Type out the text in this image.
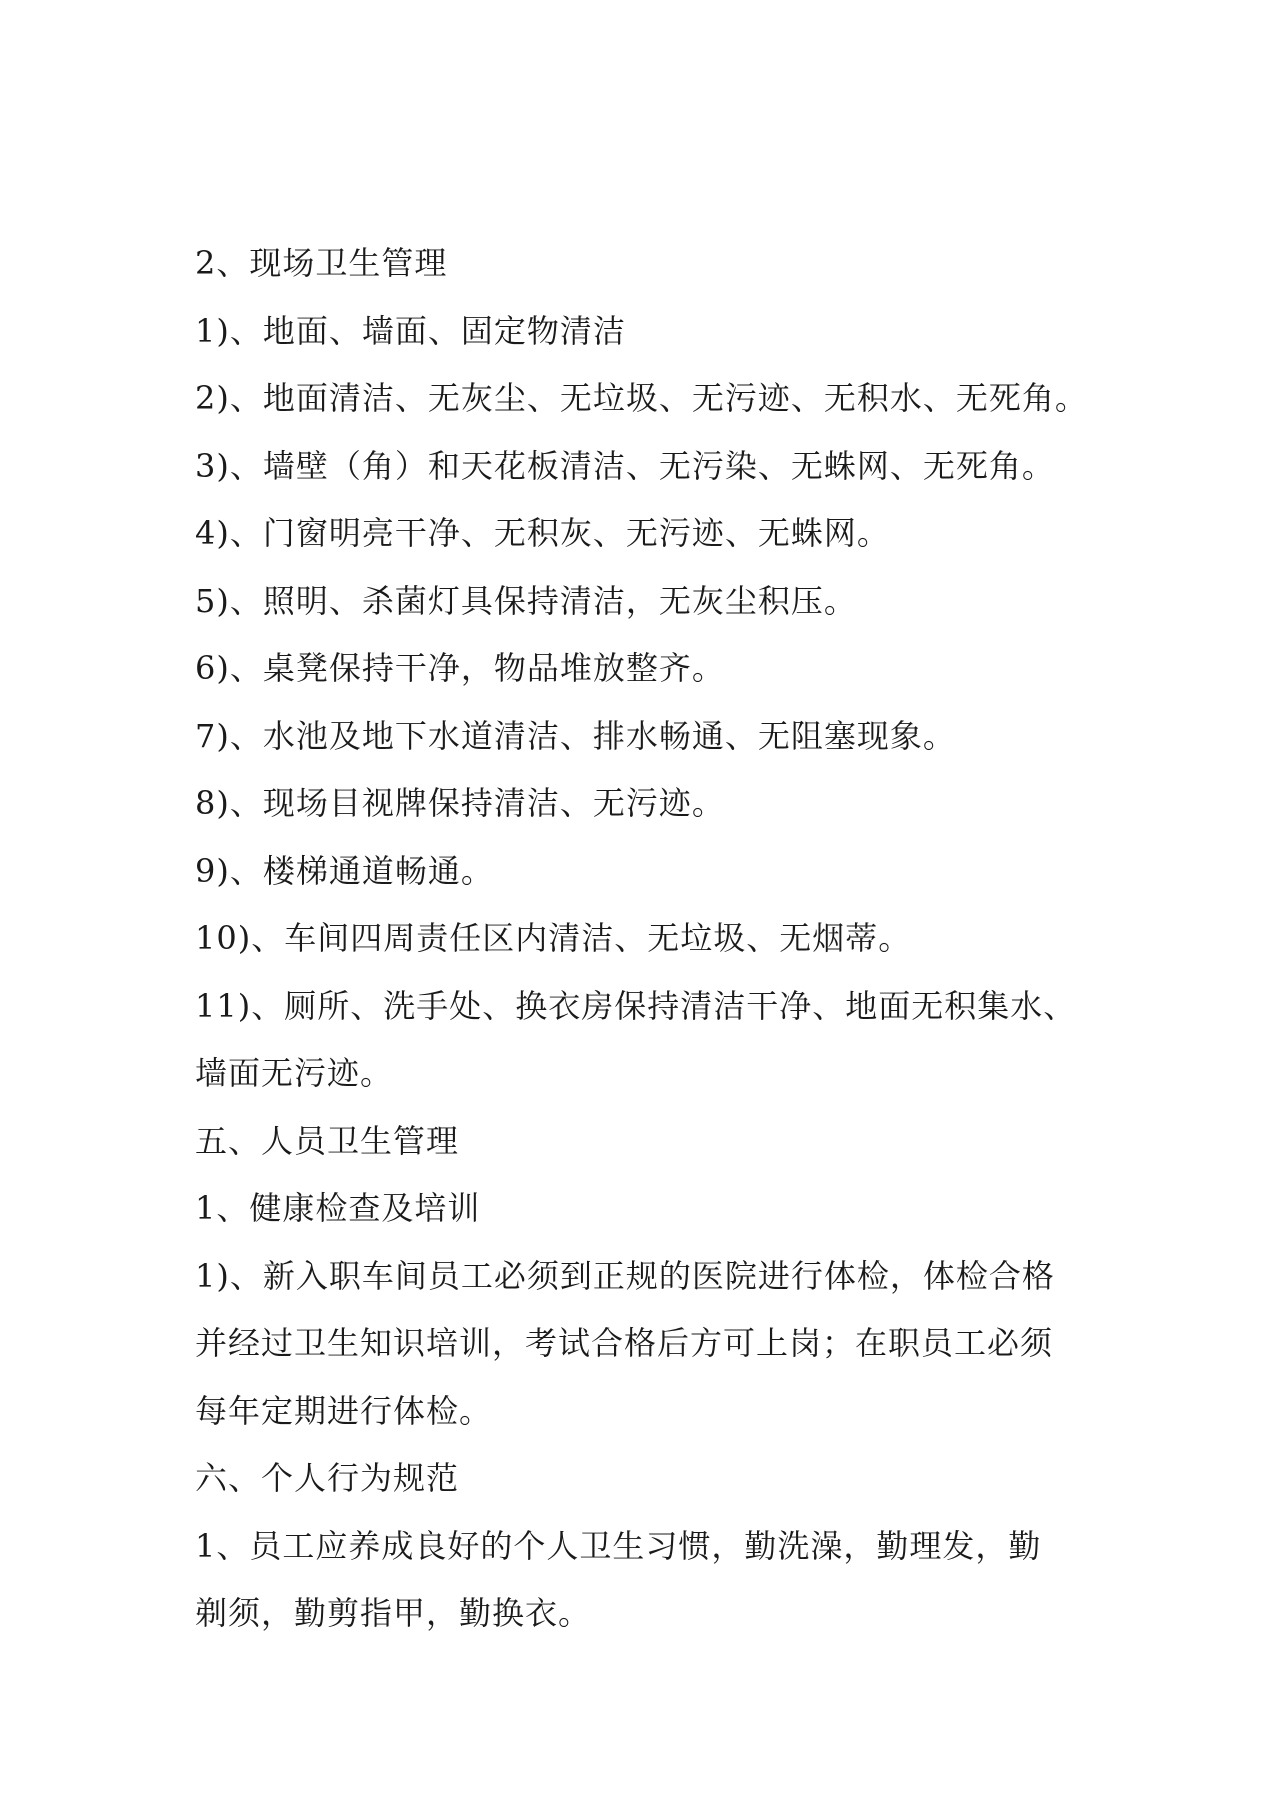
2、现场卫生管理

1)、地面、墙面、固定物清洁

2)、地面清洁、无灰尘、无垃圾、无污迹、无积水、无死角。

3)、墙壁（角）和天花板清洁、无污染、无蛛网、无死角。

4)、门窗明亮干净、无积灰、无污迹、无蛛网。

5)、照明、杀菌灯具保持清洁，无灰尘积压。

6)、桌凳保持干净，物品堆放整齐。

7)、水池及地下水道清洁、排水畅通、无阻塞现象。

8)、现场目视牌保持清洁、无污迹。

9)、楼梯通道畅通。

10)、车间四周责任区内清洁、无垃圾、无烟蒂。

11)、厕所、洗手处、换衣房保持清洁干净、地面无积集水、

墙面无污迹。

五、人员卫生管理

1、健康检查及培训

1)、新入职车间员工必须到正规的医院进行体检，体检合格

并经过卫生知识培训，考试合格后方可上岗；在职员工必须

每年定期进行体检。

六、个人行为规范

1、员工应养成良好的个人卫生习惯，勤洗澡，勤理发，勤

剃须，勤剪指甲，勤换衣。
